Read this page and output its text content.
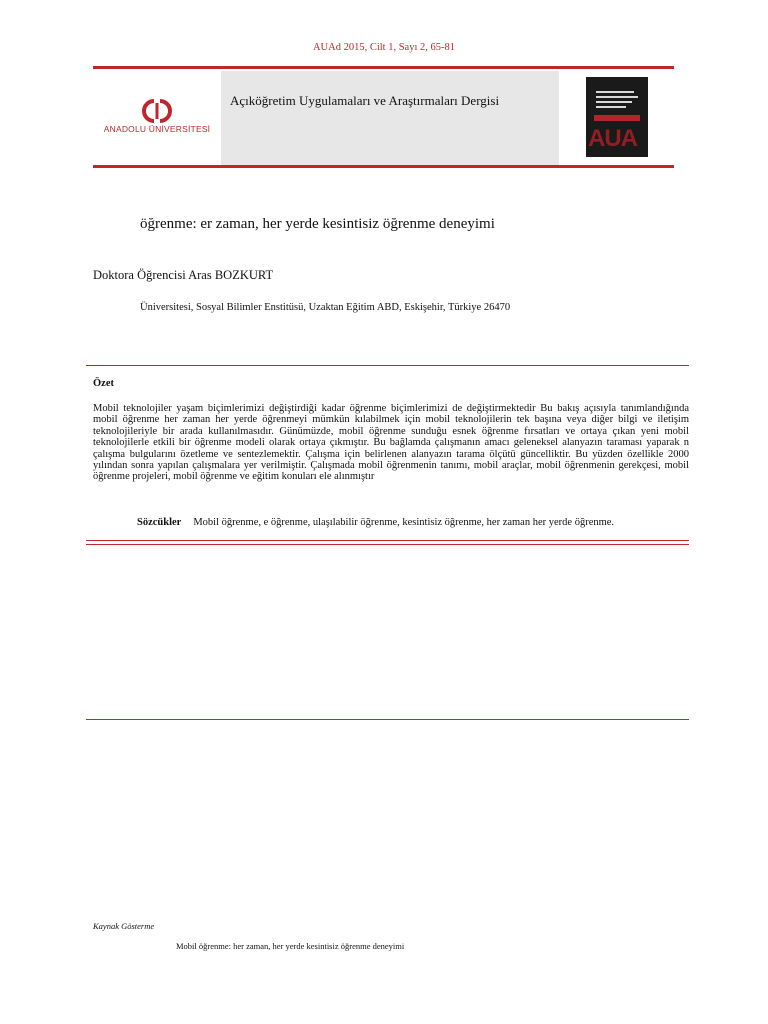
AUAd 2015, Cilt 1, Sayı 2, 65-81
ANADOLU ÜNİVERSİTESİ
Açıköğretim Uygulamaları ve Araştırmaları Dergisi
AUA
öğrenme: er zaman, her yerde kesintisiz öğrenme deneyimi
Doktora Öğrencisi Aras BOZKURT
Üniversitesi, Sosyal Bilimler Enstitüsü, Uzaktan Eğitim ABD, Eskişehir, Türkiye 26470
Özet
Mobil teknolojiler yaşam biçimlerimizi değiştirdiği kadar öğrenme biçimlerimizi de değiştirmektedir Bu bakış açısıyla tanımlandığında mobil öğrenme her zaman her yerde öğrenmeyi mümkün kılabilmek için mobil teknolojilerin tek başına veya diğer bilgi ve iletişim teknolojileriyle bir arada kullanılmasıdır. Günümüzde, mobil öğrenme sunduğu esnek öğrenme fırsatları ve ortaya çıkan yeni mobil teknolojilerle etkili bir öğrenme modeli olarak ortaya çıkmıştır. Bu bağlamda çalışmanın amacı geleneksel alanyazın taraması yaparak n çalışma bulgularını özetleme ve sentezlemektir. Çalışma için belirlenen alanyazın tarama ölçütü güncelliktir. Bu yüzden özellikle 2000 yılından sonra yapılan çalışmalara yer verilmiştir. Çalışmada mobil öğrenmenin tanımı, mobil araçlar, mobil öğrenmenin gerekçesi, mobil öğrenme projeleri, mobil öğrenme ve eğitim konuları ele alınmıştır
Sözcükler Mobil öğrenme, e öğrenme, ulaşılabilir öğrenme, kesintisiz öğrenme, her zaman her yerde öğrenme.
Kaynak Gösterme
Mobil öğrenme: her zaman, her yerde kesintisiz öğrenme deneyimi
